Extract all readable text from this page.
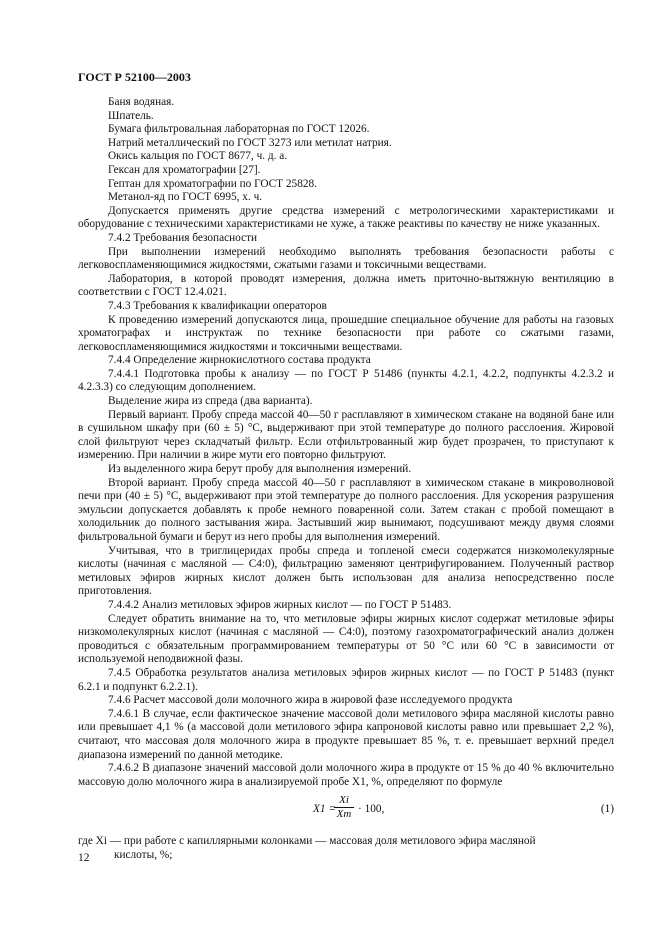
ГОСТ Р 52100—2003

Баня водяная.

Шпатель.

Бумага фильтровальная лабораторная по ГОСТ 12026.

Натрий металлический по ГОСТ 3273 или метилат натрия.

Окись кальция по ГОСТ 8677, ч. д. а.

Гексан для хроматографии [27].

Гептан для хроматографии по ГОСТ 25828.

Метанол-яд по ГОСТ 6995, х. ч.

Допускается применять другие средства измерений с метрологическими характеристиками и оборудование с техническими характеристиками не хуже, а также реактивы по качеству не ниже указанных.

7.4.2 Требования безопасности

При выполнении измерений необходимо выполнять требования безопасности работы с легковоспламеняющимися жидкостями, сжатыми газами и токсичными веществами.

Лаборатория, в которой проводят измерения, должна иметь приточно-вытяжную вентиляцию в соответствии с ГОСТ 12.4.021.

7.4.3 Требования к квалификации операторов

К проведению измерений допускаются лица, прошедшие специальное обучение для работы на газовых хроматографах и инструктаж по технике безопасности при работе со сжатыми газами, легковоспламеняющимися жидкостями и токсичными веществами.

7.4.4 Определение жирнокислотного состава продукта

7.4.4.1 Подготовка пробы к анализу — по ГОСТ Р 51486 (пункты 4.2.1, 4.2.2, подпункты 4.2.3.2 и 4.2.3.3) со следующим дополнением.

Выделение жира из спреда (два варианта).

Первый вариант. Пробу спреда массой 40—50 г расплавляют в химическом стакане на водяной бане или в сушильном шкафу при (60 ± 5) °С, выдерживают при этой температуре до полного расслоения. Жировой слой фильтруют через складчатый фильтр. Если отфильтрованный жир будет прозрачен, то приступают к измерению. При наличии в жире мути его повторно фильтруют.

Из выделенного жира берут пробу для выполнения измерений.

Второй вариант. Пробу спреда массой 40—50 г расплавляют в химическом стакане в микроволновой печи при (40 ± 5) °С, выдерживают при этой температуре до полного расслоения. Для ускорения разрушения эмульсии допускается добавлять к пробе немного поваренной соли. Затем стакан с пробой помещают в холодильник до полного застывания жира. Застывший жир вынимают, подсушивают между двумя слоями фильтровальной бумаги и берут из него пробы для выполнения измерений.

Учитывая, что в триглицеридах пробы спреда и топленой смеси содержатся низкомолекулярные кислоты (начиная с масляной — С4:0), фильтрацию заменяют центрифугированием. Полученный раствор метиловых эфиров жирных кислот должен быть использован для анализа непосредственно после приготовления.

7.4.4.2 Анализ метиловых эфиров жирных кислот — по ГОСТ Р 51483.

Следует обратить внимание на то, что метиловые эфиры жирных кислот содержат метиловые эфиры низкомолекулярных кислот (начиная с масляной — С4:0), поэтому газохроматографический анализ должен проводиться с обязательным программированием температуры от 50 °С или 60 °С в зависимости от используемой неподвижной фазы.

7.4.5 Обработка результатов анализа метиловых эфиров жирных кислот — по ГОСТ Р 51483 (пункт 6.2.1 и подпункт 6.2.2.1).

7.4.6 Расчет массовой доли молочного жира в жировой фазе исследуемого продукта

7.4.6.1 В случае, если фактическое значение массовой доли метилового эфира масляной кислоты равно или превышает 4,1 % (а массовой доли метилового эфира капроновой кислоты равно или превышает 2,2 %), считают, что массовая доля молочного жира в продукте превышает 85 %, т. е. превышает верхний предел диапазона измерений по данной методике.

7.4.6.2 В диапазоне значений массовой доли молочного жира в продукте от 15 % до 40 % включительно массовую долю молочного жира в анализируемой пробе X1, %, определяют по формуле

X1 =
$\frac{Xi}{Xm} \cdot 100$,	(1)

где Xi — при работе с капиллярными колонками — массовая доля метилового эфира масляной

кислоты, %;

12
